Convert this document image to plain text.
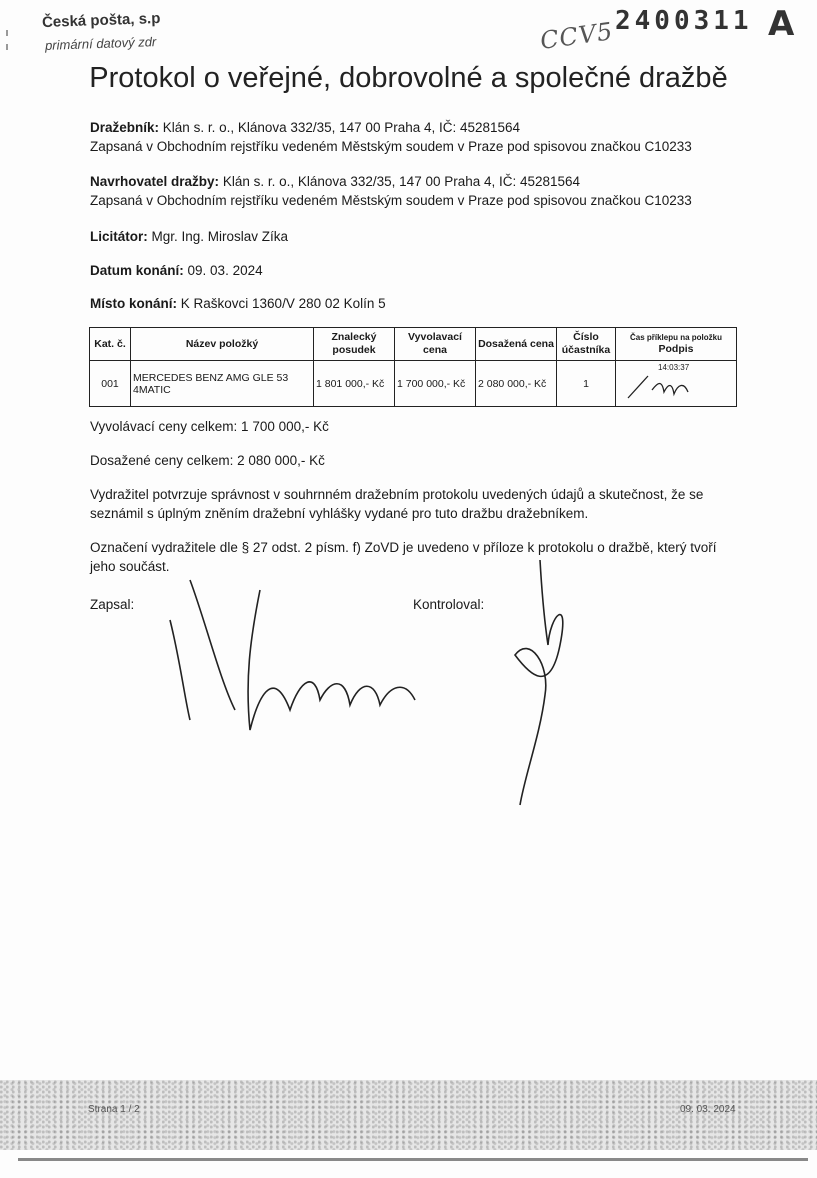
Česká pošta, s.p
primární datový zdr	CCV5 2400311 A
Protokol o veřejné, dobrovolné a společné dražbě
Dražebník: Klán s. r. o., Klánova 332/35, 147 00 Praha 4, IČ: 45281564
Zapsaná v Obchodním rejstříku vedeném Městským soudem v Praze pod spisovou značkou C10233
Navrhovatel dražby: Klán s. r. o., Klánova 332/35, 147 00 Praha 4, IČ: 45281564
Zapsaná v Obchodním rejstříku vedeném Městským soudem v Praze pod spisovou značkou C10233
Licitátor: Mgr. Ing. Miroslav Zíka
Datum konání: 09. 03. 2024
Místo konání: K Raškovci 1360/V 280 02 Kolín 5
Kat. č.	Název položký	Znalecký posudek	Vyvolavací cena	Dosažená cena	Číslo účastníka	Čas příklepu na položku
Podpis

001	MERCEDES BENZ AMG GLE 53 4MATIC	1 801 000,- Kč	1 700 000,- Kč	2 080 000,- Kč	1	14:03:37
Vyvolávací ceny celkem: 1 700 000,- Kč
Dosažené ceny celkem: 2 080 000,- Kč
Vydražitel potvrzuje správnost v souhrnném dražebním protokolu uvedených údajů a skutečnost, že se seznámil s úplným zněním dražební vyhlášky vydané pro tuto dražbu dražebníkem.
Označení vydražitele dle § 27 odst. 2 písm. f) ZoVD je uvedeno v příloze k protokolu o dražbě, který tvoří jeho součást.
Zapsal:	Kontroloval:
Strana 1 / 2	09. 03. 2024
